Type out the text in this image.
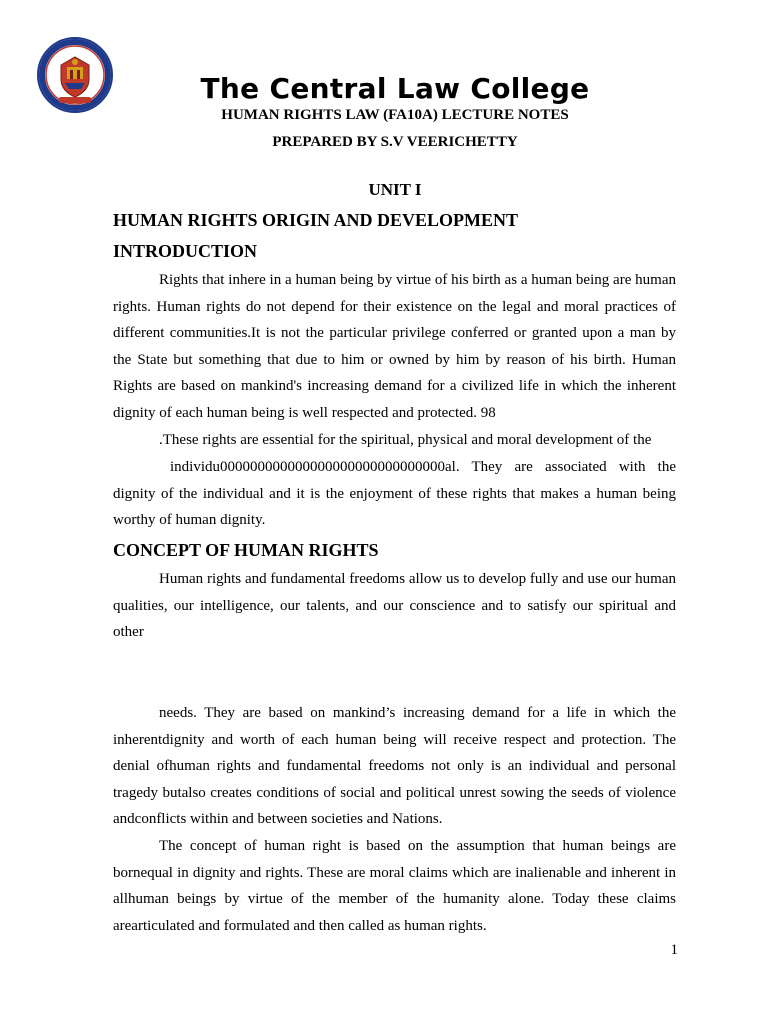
The Central Law College
HUMAN RIGHTS LAW (FA10A) LECTURE NOTES
PREPARED BY S.V VEERICHETTY
UNIT I
HUMAN RIGHTS ORIGIN AND DEVELOPMENT
INTRODUCTION

Rights that inhere in a human being by virtue of his birth as a human being are human rights. Human rights do not depend for their existence on the legal and moral practices of different communities.It is not the particular privilege conferred or granted upon a man by the State but something that due to him or owned by him by reason of his birth. Human Rights are based on mankind's increasing demand for a civilized life in which the inherent dignity of each human being is well respected and protected. 98

.These rights are essential for the spiritual, physical and moral development of the

individu000000000000000000000000000000al. They are associated with the dignity of the individual and it is the enjoyment of these rights that makes a human being worthy of human dignity.

CONCEPT OF HUMAN RIGHTS

Human rights and fundamental freedoms allow us to develop fully and use our human qualities, our intelligence, our talents, and our conscience and to satisfy our spiritual and other

needs. They are based on mankind’s increasing demand for a life in which the inherentdignity and worth of each human being will receive respect and protection. The denial ofhuman rights and fundamental freedoms not only is an individual and personal tragedy butalso creates conditions of social and political unrest sowing the seeds of violence andconflicts within and between societies and Nations.

The concept of human right is based on the assumption that human beings are bornequal in dignity and rights. These are moral claims which are inalienable and inherent in allhuman beings by virtue of the member of the humanity alone. Today these claims arearticulated and formulated and then called as human rights.

1
